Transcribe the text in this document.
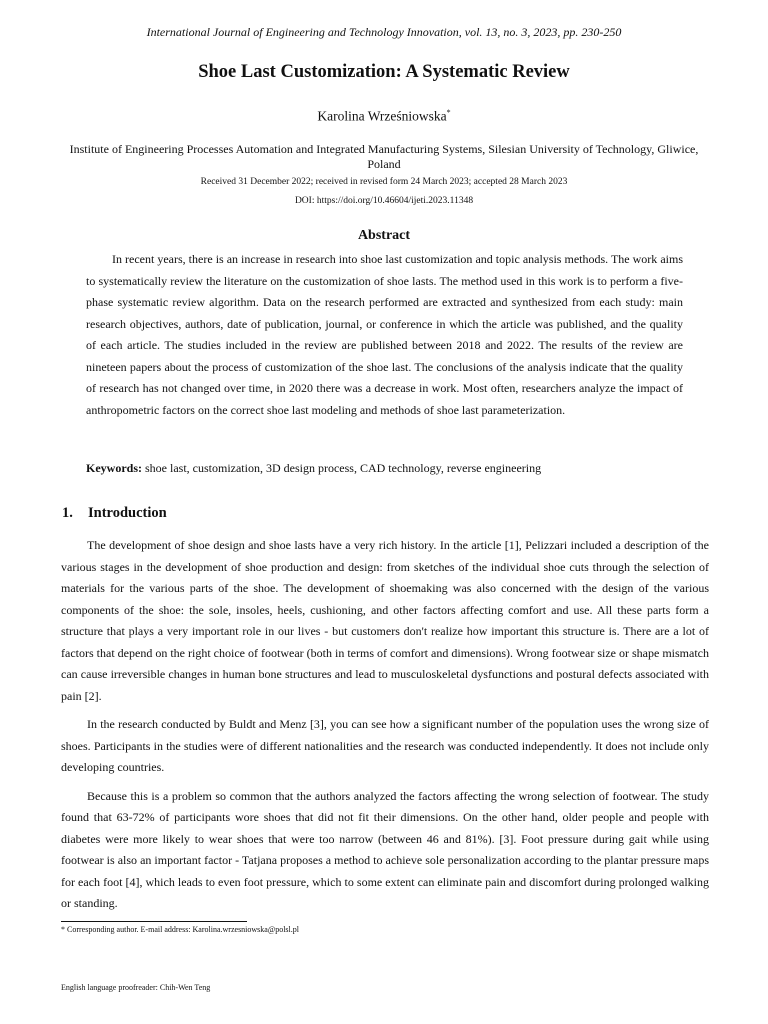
International Journal of Engineering and Technology Innovation, vol. 13, no. 3, 2023, pp. 230-250
Shoe Last Customization: A Systematic Review
Karolina Wrześniowska*
Institute of Engineering Processes Automation and Integrated Manufacturing Systems, Silesian University of Technology, Gliwice, Poland
Received 31 December 2022; received in revised form 24 March 2023; accepted 28 March 2023
DOI: https://doi.org/10.46604/ijeti.2023.11348
Abstract

In recent years, there is an increase in research into shoe last customization and topic analysis methods. The work aims to systematically review the literature on the customization of shoe lasts. The method used in this work is to perform a five-phase systematic review algorithm. Data on the research performed are extracted and synthesized from each study: main research objectives, authors, date of publication, journal, or conference in which the article was published, and the quality of each article. The studies included in the review are published between 2018 and 2022. The results of the review are nineteen papers about the process of customization of the shoe last. The conclusions of the analysis indicate that the quality of research has not changed over time, in 2020 there was a decrease in work. Most often, researchers analyze the impact of anthropometric factors on the correct shoe last modeling and methods of shoe last parameterization.

Keywords: shoe last, customization, 3D design process, CAD technology, reverse engineering
1. Introduction

The development of shoe design and shoe lasts have a very rich history. In the article [1], Pelizzari included a description of the various stages in the development of shoe production and design: from sketches of the individual shoe cuts through the selection of materials for the various parts of the shoe. The development of shoemaking was also concerned with the design of the various components of the shoe: the sole, insoles, heels, cushioning, and other factors affecting comfort and use. All these parts form a structure that plays a very important role in our lives - but customers don't realize how important this structure is. There are a lot of factors that depend on the right choice of footwear (both in terms of comfort and dimensions). Wrong footwear size or shape mismatch can cause irreversible changes in human bone structures and lead to musculoskeletal dysfunctions and postural defects associated with pain [2].

In the research conducted by Buldt and Menz [3], you can see how a significant number of the population uses the wrong size of shoes. Participants in the studies were of different nationalities and the research was conducted independently. It does not include only developing countries.

Because this is a problem so common that the authors analyzed the factors affecting the wrong selection of footwear. The study found that 63-72% of participants wore shoes that did not fit their dimensions. On the other hand, older people and people with diabetes were more likely to wear shoes that were too narrow (between 46 and 81%). [3]. Foot pressure during gait while using footwear is also an important factor - Tatjana proposes a method to achieve sole personalization according to the plantar pressure maps for each foot [4], which leads to even foot pressure, which to some extent can eliminate pain and discomfort during prolonged walking or standing.

* Corresponding author. E-mail address: Karolina.wrzesniowska@polsl.pl
English language proofreader: Chih-Wen Teng
